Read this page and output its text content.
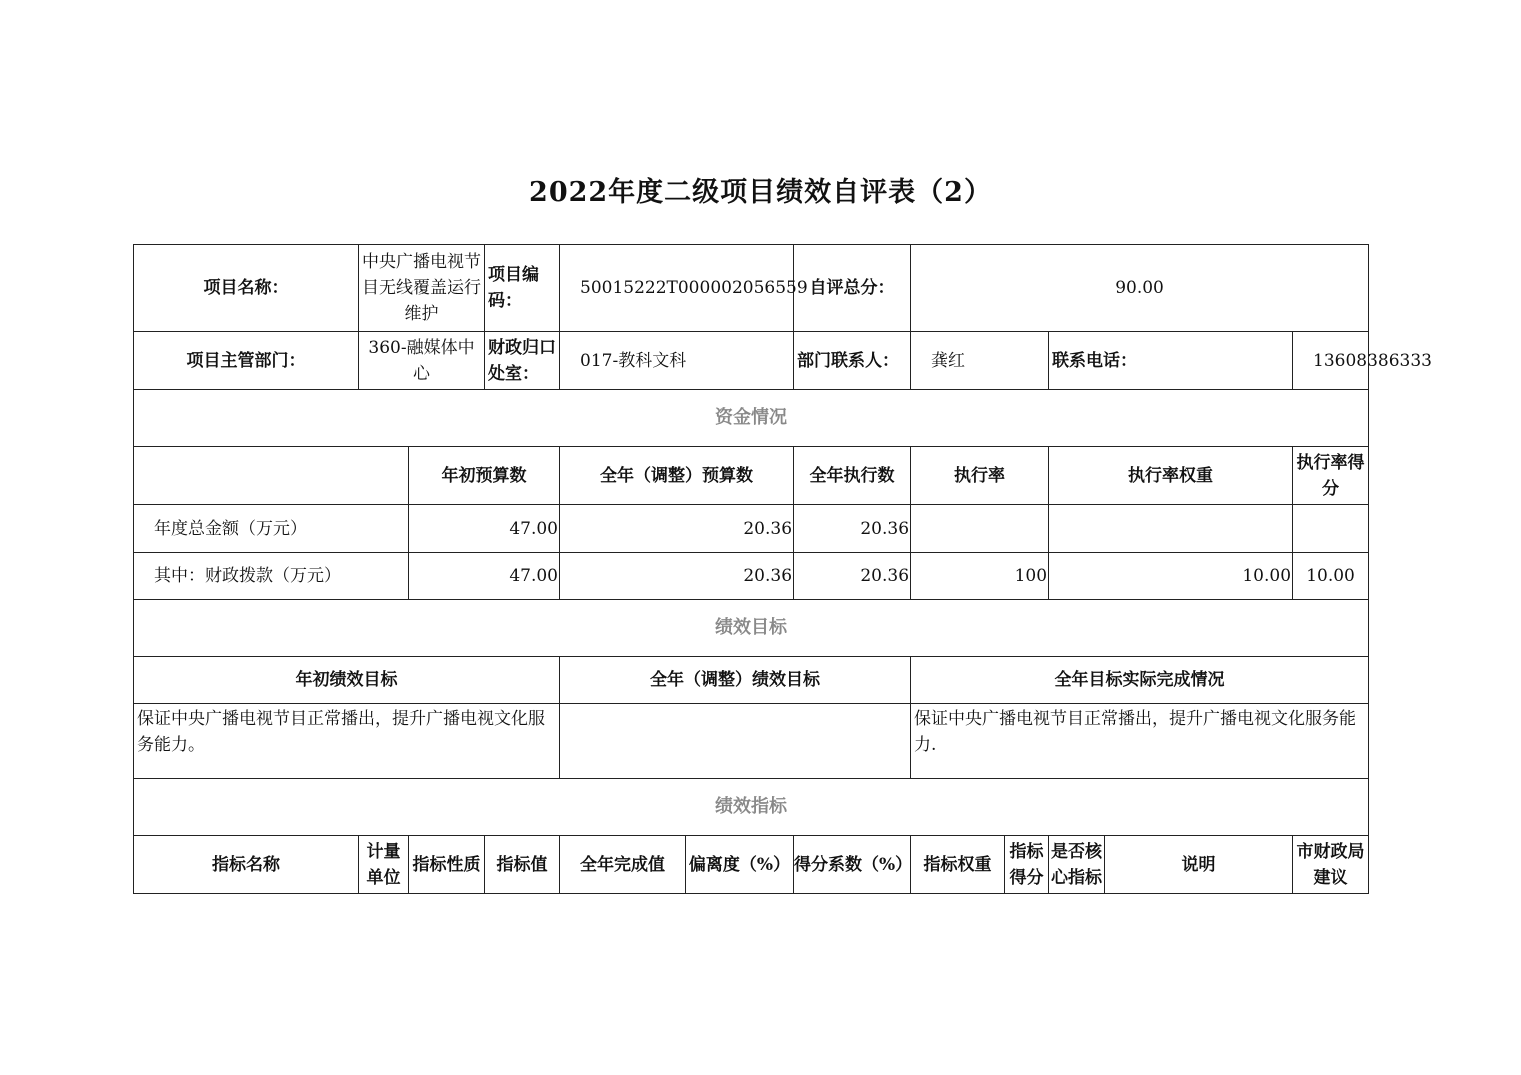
2022年度二级项目绩效自评表（2）
项目名称：	中央广播电视节目无线覆盖运行维护		项目编码：	50015222T000002056559		自评总分：	90.00				
项目主管部门：	360-融媒体中心		财政归口处室：	017-教科文科		部门联系人：	龚红		联系电话：		13608386333
资金情况											
		年初预算数		全年（调整）预算数		全年执行数	执行率		执行率权重		执行率得分
年度总金额（万元）		47.00		20.36		20.36					
其中：财政拨款（万元）		47.00		20.36		20.36	100		10.00		10.00
绩效目标											
年初绩效目标				全年（调整）绩效目标			全年目标实际完成情况				
保证中央广播电视节目正常播出，提升广播电视文化服务能力。							保证中央广播电视节目正常播出，提升广播电视文化服务能力.				
绩效指标											
指标名称	计量单位	指标性质	指标值	全年完成值	偏离度（%）	得分系数（%）	指标权重	指标得分	是否核心指标	说明	市财政局建议
